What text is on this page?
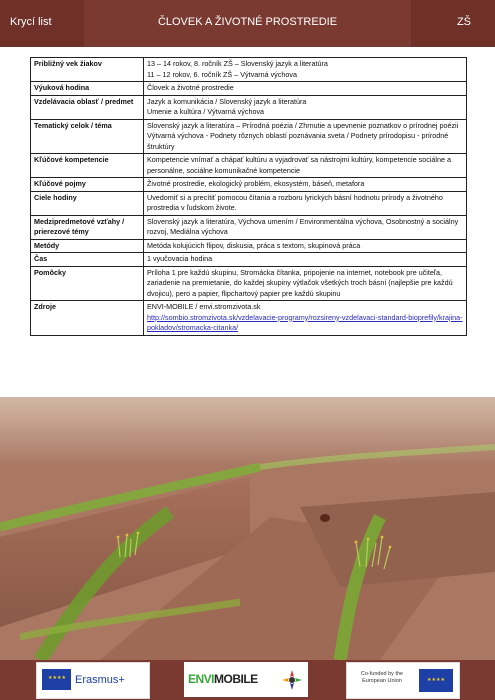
Krycí list	ČLOVEK A ŽIVOTNÉ PROSTREDIE	ZŠ
Približný vek žiakov	13 – 14 rokov, 8. ročník ZŠ – Slovenský jazyk a literatúra
11 – 12 rokov, 6. ročník ZŠ – Výtvarná výchova

Výuková hodina	Človek a životné prostredie

Vzdelávacia oblasť / predmet	Jazyk a komunikácia / Slovenský jazyk a literatúra
Umenie a kultúra / Výtvarná výchova

Tematický celok / téma	Slovenský jazyk a literatúra – Prírodná poézia / Zhrnutie a upevnenie poznatkov o prírodnej poézii
Výtvarná výchova - Podnety rôznych oblastí poznávania sveta / Podnety prírodopisu - prírodné štruktúry

Kľúčové kompetencie	Kompetencie vnímať a chápať kultúru a vyjadrovať sa nástrojmi kultúry, kompetencie sociálne a personálne, sociálne komunikačné kompetencie

Kľúčové pojmy	Životné prostredie, ekologický problém, ekosystém, báseň, metafora

Ciele hodiny	Uvedomiť si a precítiť pomocou čítania a rozboru lyrických básní hodnotu prírody a životného prostredia v ľudskom živote.

Medzipredmetové vzťahy / prierezové témy	Slovenský jazyk a literatúra, Výchova umením / Environmentálna výchova, Osobnostný a sociálny rozvoj, Mediálna výchova

Metódy	Metóda kolujúcich flipov, diskusia, práca s textom, skupinová práca

Čas	1 vyučovacia hodina

Pomôcky	Príloha 1 pre každú skupinu, Stromácka čítanka, pripojenie na internet, notebook pre učiteľa, zariadenie na premietanie, do každej skupiny výtlačok všetkých troch básní (najlepšie pre každú dvojicu), pero a papier, flipchartový papier pre každú skupinu

Zdroje	ENVI-MOBILE / envi.stromzivota.sk
http://sombio.stromzivota.sk/vzdelavacie-programy/rozsireny-vzdelavaci-standard-bioprefily/krajina-pokladov/stromacka-citanka/
★★★★ Erasmus+	ENVIMOBILE	Co-funded by the European Union	★★★★
